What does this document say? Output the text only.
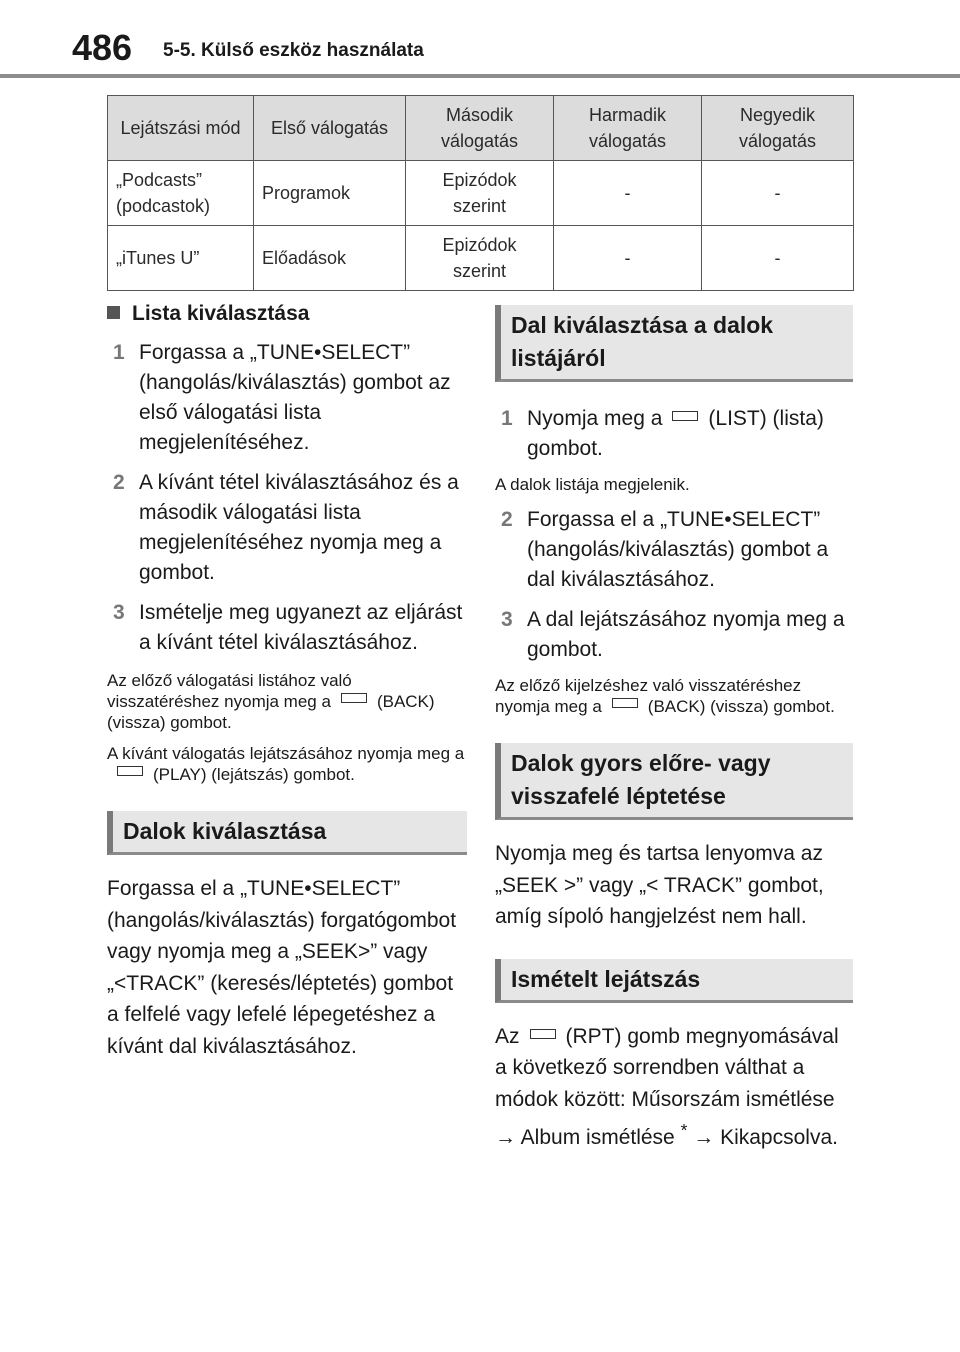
486 5-5. Külső eszköz használata
Lejátszási mód	Első válogatás	Második válogatás	Harmadik válogatás	Negyedik válogatás
„Podcasts” (podcastok)	Programok	Epizódok szerint	-	-
„iTunes U”	Előadások	Epizódok szerint	-	-
Lista kiválasztása
1 Forgassa a „TUNE•SELECT” (hangolás/kiválasztás) gombot az első válogatási lista megjelenítéséhez.
2 A kívánt tétel kiválasztásához és a második válogatási lista megjelenítéséhez nyomja meg a gombot.
3 Ismételje meg ugyanezt az eljárást a kívánt tétel kiválasztásához.

Az előző válogatási listához való visszatéréshez nyomja meg a	(BACK) (vissza) gombot.

A kívánt válogatás lejátszásához nyomja meg a(PLAY) (lejátszás) gombot.

Dalok kiválasztása

Forgassa el a „TUNE•SELECT” (hangolás/kiválasztás) forgatógombot vagy nyomja meg a „SEEK>” vagy „<TRACK” (keresés/léptetés) gombot a felfelé vagy lefelé lépegetéshez a kívánt dal kiválasztásához.

Dal kiválasztása a dalok listájáról
1 Nyomja meg a (LIST) (lista) gombot.

A dalok listája megjelenik.

2 Forgassa el a „TUNE•SELECT” (hangolás/kiválasztás) gombot a dal kiválasztásához.
3 A dal lejátszásához nyomja meg a gombot.

Az előző kijelzéshez való visszatéréshez nyomja meg a	(BACK) (vissza) gombot.

Dalok gyors előre- vagy visszafelé léptetése

Nyomja meg és tartsa lenyomva az „SEEK >” vagy „< TRACK” gombot, amíg sípoló hangjelzést nem hall.

Ismételt lejátszás

Az (RPT) gomb megnyomásával a következő sorrendben válthat a módok között: Műsorszám ismétlése → Album ismétlése * → Kikapcsolva.
